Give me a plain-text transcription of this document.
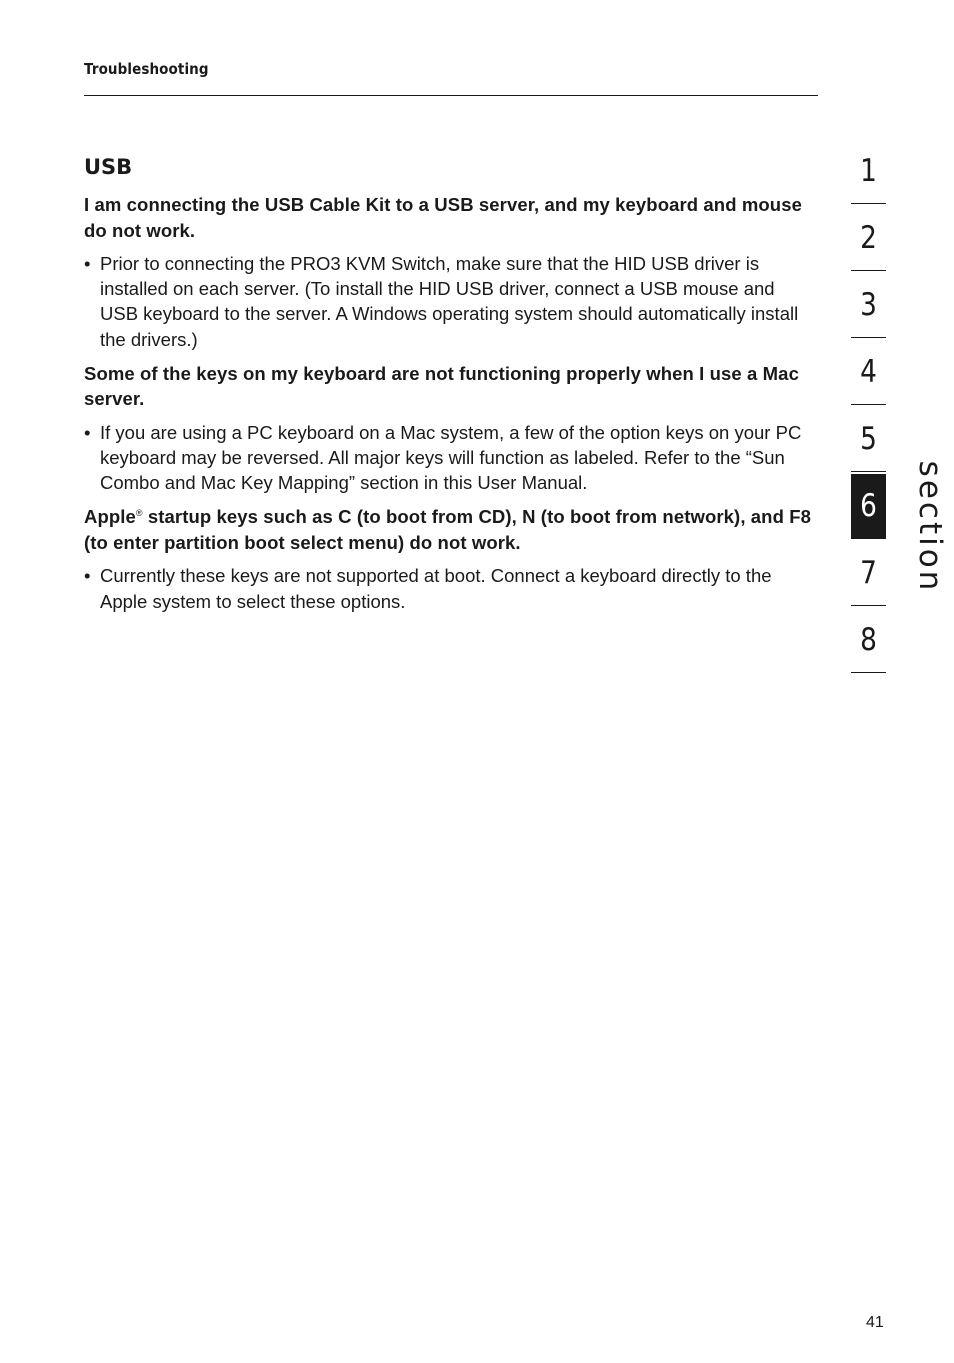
Troubleshooting
USB

I am connecting the USB Cable Kit to a USB server, and my keyboard and mouse do not work.

• Prior to connecting the PRO3 KVM Switch, make sure that the HID USB driver is installed on each server. (To install the HID USB driver, connect a USB mouse and USB keyboard to the server. A Windows operating system should automatically install the drivers.)

Some of the keys on my keyboard are not functioning properly when I use a Mac server.

• If you are using a PC keyboard on a Mac system, a few of the option keys on your PC keyboard may be reversed. All major keys will function as labeled. Refer to the “Sun Combo and Mac Key Mapping” section in this User Manual.

Apple® startup keys such as C (to boot from CD), N (to boot from network), and F8 (to enter partition boot select menu) do not work.

• Currently these keys are not supported at boot. Connect a keyboard directly to the Apple system to select these options.

1
2
3
4
5
6
7
8
section
41
